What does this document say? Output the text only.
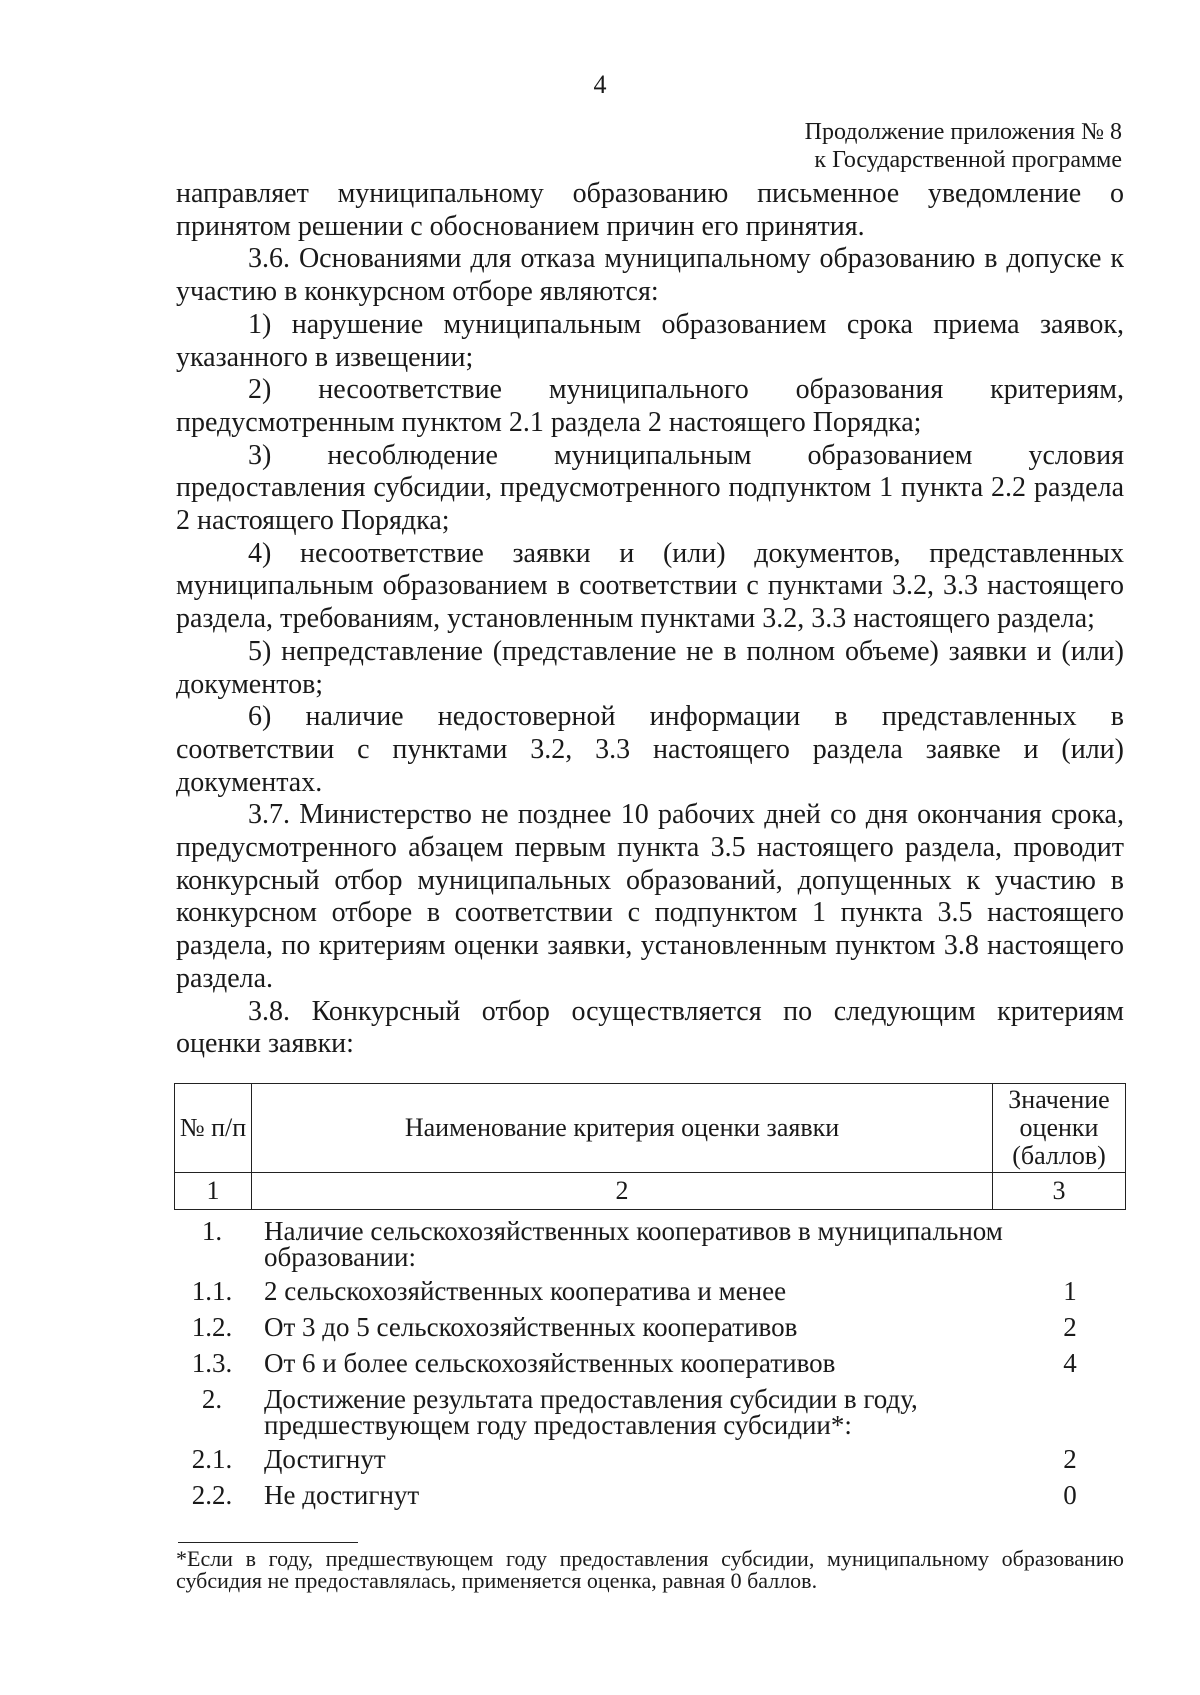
4
Продолжение приложения № 8
к Государственной программе

направляет муниципальному образованию письменное уведомление о принятом решении с обоснованием причин его принятия.

3.6. Основаниями для отказа муниципальному образованию в допуске к участию в конкурсном отборе являются:

1) нарушение муниципальным образованием срока приема заявок, указанного в извещении;

2) несоответствие муниципального образования критериям, предусмотренным пунктом 2.1 раздела 2 настоящего Порядка;

3) несоблюдение муниципальным образованием условия предоставления субсидии, предусмотренного подпунктом 1 пункта 2.2 раздела 2 настоящего Порядка;

4) несоответствие заявки и (или) документов, представленных муниципальным образованием в соответствии с пунктами 3.2, 3.3 настоящего раздела, требованиям, установленным пунктами 3.2, 3.3 настоящего раздела;

5) непредставление (представление не в полном объеме) заявки и (или) документов;

6) наличие недостоверной информации в представленных в соответствии с пунктами 3.2, 3.3 настоящего раздела заявке и (или) документах.

3.7. Министерство не позднее 10 рабочих дней со дня окончания срока, предусмотренного абзацем первым пункта 3.5 настоящего раздела, проводит конкурсный отбор муниципальных образований, допущенных к участию в конкурсном отборе в соответствии с подпунктом 1 пункта 3.5 настоящего раздела, по критериям оценки заявки, установленным пунктом 3.8 настоящего раздела.

3.8. Конкурсный отбор осуществляется по следующим критериям оценки заявки:

№ п/п	Наименование критерия оценки заявки	Значение оценки (баллов)
1	2	3
1.	Наличие сельскохозяйственных кооперативов в муниципальном образовании:	
1.1.	2 сельскохозяйственных кооператива и менее	1
1.2.	От 3 до 5 сельскохозяйственных кооперативов	2
1.3.	От 6 и более сельскохозяйственных кооперативов	4
2.	Достижение результата предоставления субсидии в году, предшествующем году предоставления субсидии*:	
2.1.	Достигнут	2
2.2.	Не достигнут	0
*Если в году, предшествующем году предоставления субсидии, муниципальному образованию субсидия не предоставлялась, применяется оценка, равная 0 баллов.
